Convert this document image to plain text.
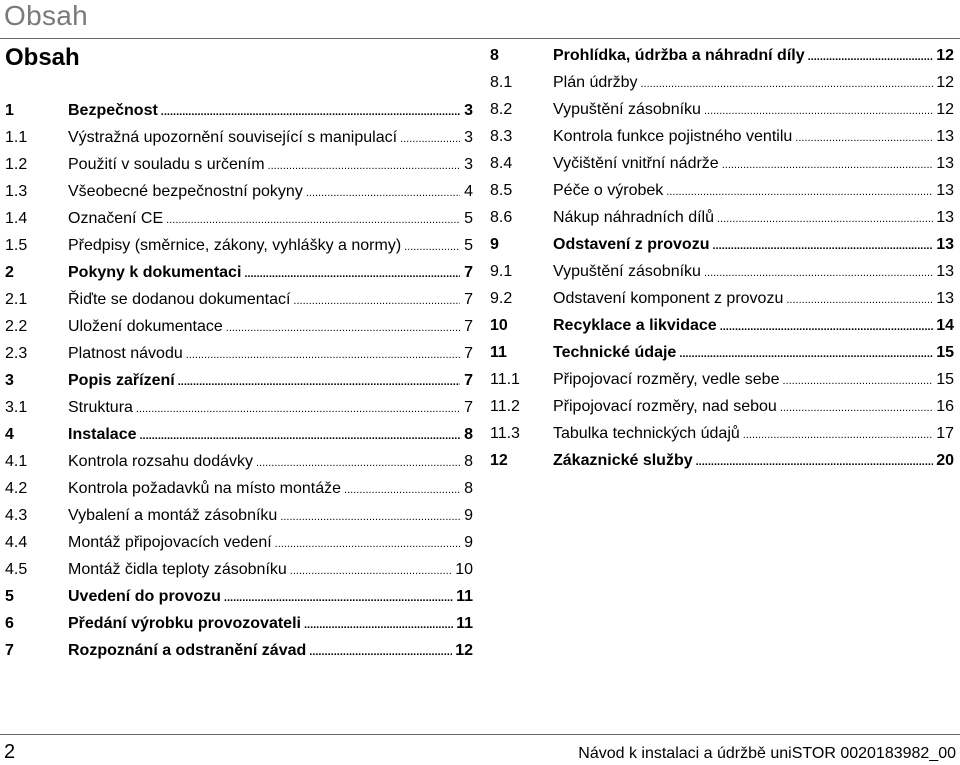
Obsah
Obsah
1	Bezpečnost .....	3
1.1	Výstražná upozornění související s manipulací .....	3
1.2	Použití v souladu s určením .....	3
1.3	Všeobecné bezpečnostní pokyny .....	4
1.4	Označení CE .....	5
1.5	Předpisy (směrnice, zákony, vyhlášky a normy) .....	5
2	Pokyny k dokumentaci .....	7
2.1	Řiďte se dodanou dokumentací .....	7
2.2	Uložení dokumentace .....	7
2.3	Platnost návodu .....	7
3	Popis zařízení .....	7
3.1	Struktura .....	7
4	Instalace .....	8
4.1	Kontrola rozsahu dodávky .....	8
4.2	Kontrola požadavků na místo montáže .....	8
4.3	Vybalení a montáž zásobníku .....	9
4.4	Montáž připojovacích vedení .....	9
4.5	Montáž čidla teploty zásobníku .....	10
5	Uvedení do provozu .....	11
6	Předání výrobku provozovateli .....	11
7	Rozpoznání a odstranění závad .....	12
8	Prohlídka, údržba a náhradní díly .....	12
8.1	Plán údržby .....	12
8.2	Vypuštění zásobníku .....	12
8.3	Kontrola funkce pojistného ventilu .....	13
8.4	Vyčištění vnitřní nádrže .....	13
8.5	Péče o výrobek .....	13
8.6	Nákup náhradních dílů .....	13
9	Odstavení z provozu .....	13
9.1	Vypuštění zásobníku .....	13
9.2	Odstavení komponent z provozu .....	13
10	Recyklace a likvidace .....	14
11	Technické údaje .....	15
11.1	Připojovací rozměry, vedle sebe .....	15
11.2	Připojovací rozměry, nad sebou .....	16
11.3	Tabulka technických údajů .....	17
12	Zákaznické služby .....	20
2	Návod k instalaci a údržbě uniSTOR 0020183982_00
